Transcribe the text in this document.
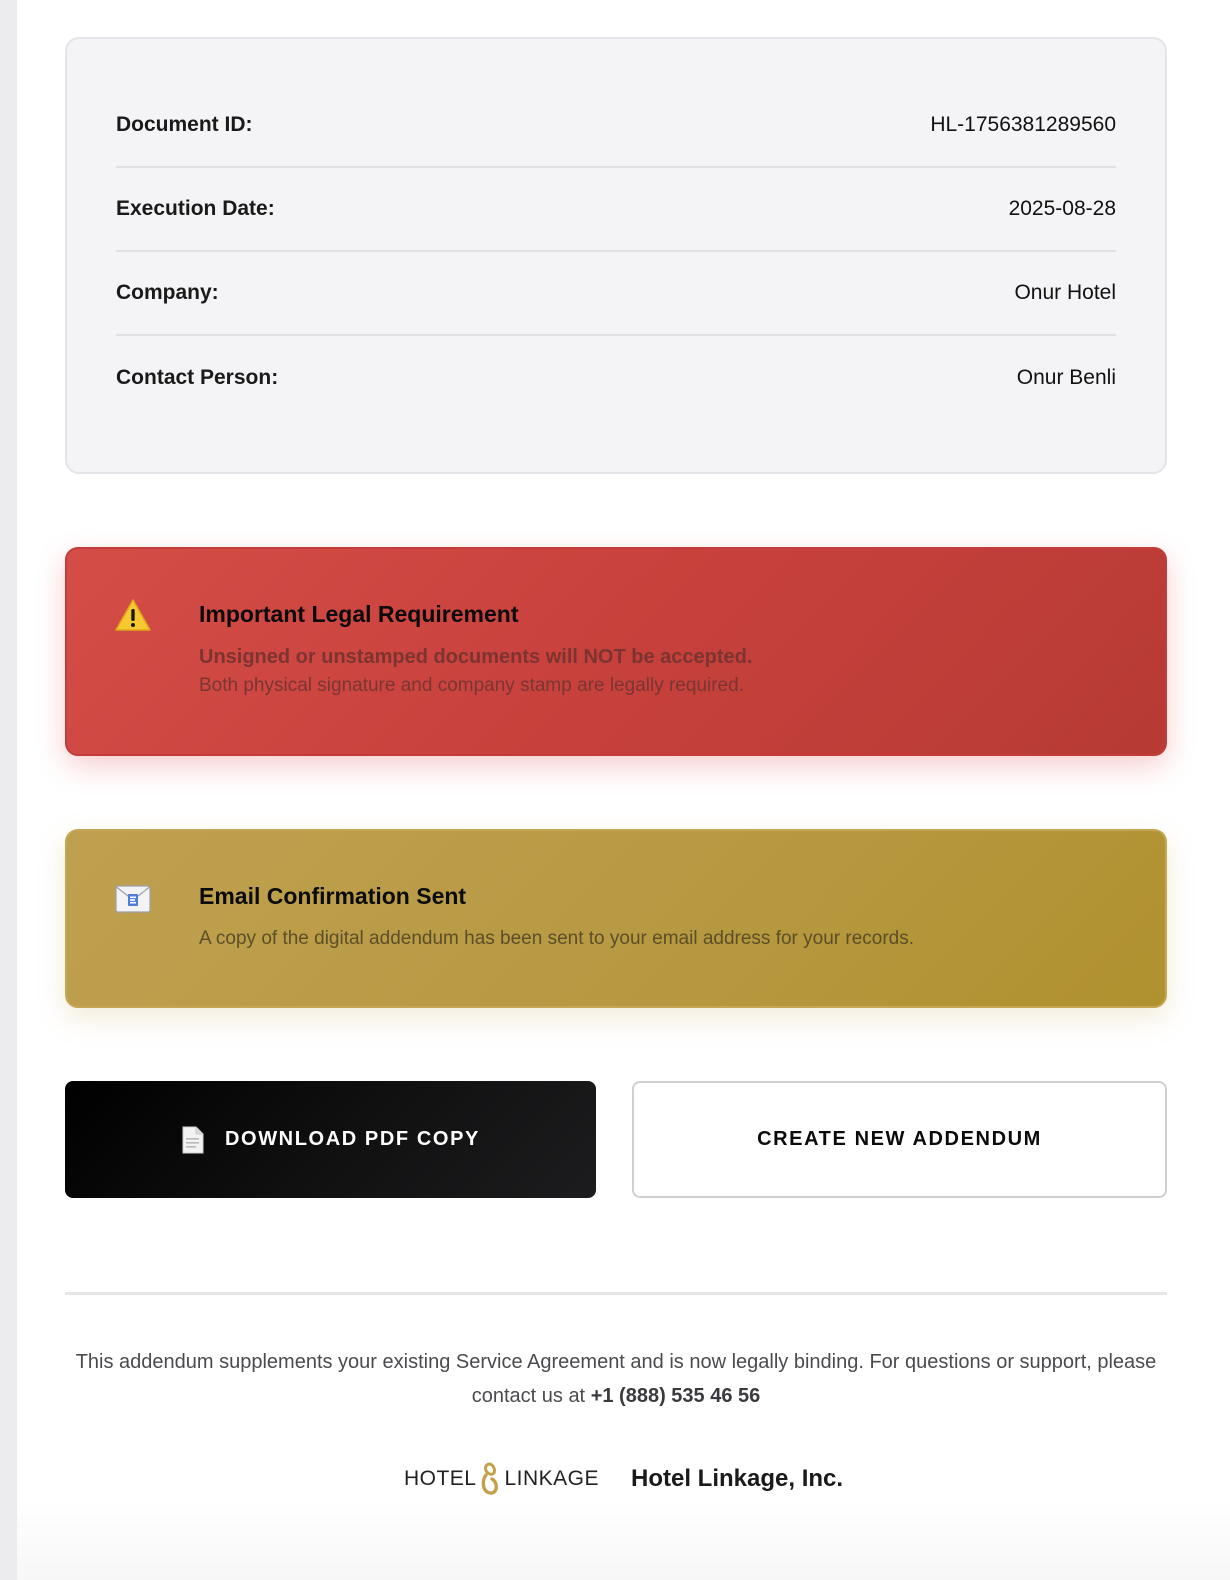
Document ID:	HL-1756381289560
Execution Date:	2025-08-28
Company:	Onur Hotel
Contact Person:	Onur Benli
Important Legal Requirement
Unsigned or unstamped documents will NOT be accepted.
Both physical signature and company stamp are legally required.
Email Confirmation Sent
A copy of the digital addendum has been sent to your email address for your records.
DOWNLOAD PDF COPY	CREATE NEW ADDENDUM
This addendum supplements your existing Service Agreement and is now legally binding. For questions or support, please contact us at +1 (888) 535 46 56
HOTEL LINKAGE Hotel Linkage, Inc.
